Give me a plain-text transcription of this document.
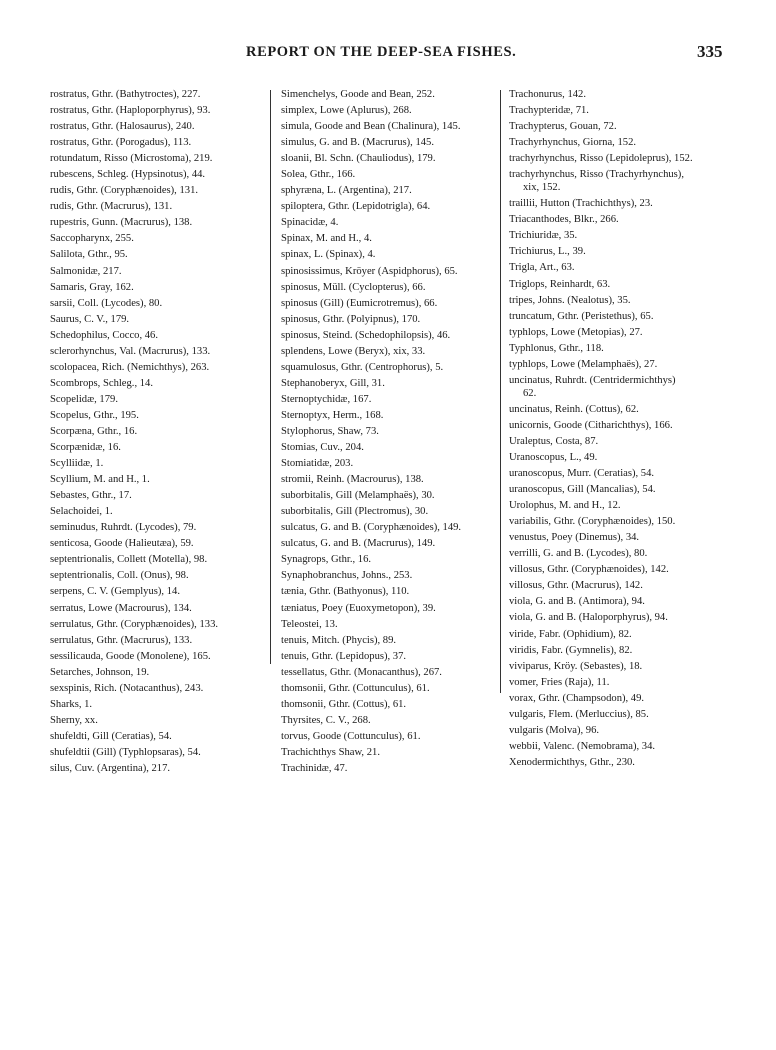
REPORT ON THE DEEP-SEA FISHES.	335
rostratus, Gthr. (Bathytroctes), 227.
rostratus, Gthr. (Haploporphyrus), 93.
rostratus, Gthr. (Halosaurus), 240.
rostratus, Gthr. (Porogadus), 113.
rotundatum, Risso (Microstoma), 219.
rubescens, Schleg. (Hypsinotus), 44.
rudis, Gthr. (Coryphænoides), 131.
rudis, Gthr. (Macrurus), 131.
rupestris, Gunn. (Macrurus), 138.
Saccopharynx, 255.
Salilota, Gthr., 95.
Salmonidæ, 217.
Samaris, Gray, 162.
sarsii, Coll. (Lycodes), 80.
Saurus, C. V., 179.
Schedophilus, Cocco, 46.
sclerorhynchus, Val. (Macrurus), 133.
scolopacea, Rich. (Nemichthys), 263.
Scombrops, Schleg., 14.
Scopelidæ, 179.
Scopelus, Gthr., 195.
Scorpæna, Gthr., 16.
Scorpænidæ, 16.
Scylliidæ, 1.
Scyllium, M. and H., 1.
Sebastes, Gthr., 17.
Selachoidei, 1.
seminudus, Ruhrdt. (Lycodes), 79.
senticosa, Goode (Halieutæa), 59.
septentrionalis, Collett (Motella), 98.
septentrionalis, Coll. (Onus), 98.
serpens, C. V. (Gemplyus), 14.
serratus, Lowe (Macrourus), 134.
serrulatus, Gthr. (Coryphænoides), 133.
serrulatus, Gthr. (Macrurus), 133.
sessilicauda, Goode (Monolene), 165.
Setarches, Johnson, 19.
sexspinis, Rich. (Notacanthus), 243.
Sharks, 1.
Sherny, xx.
shufeldti, Gill (Ceratias), 54.
shufeldtii (Gill) (Typhlopsaras), 54.
silus, Cuv. (Argentina), 217.
Simenchelys, Goode and Bean, 252.
simplex, Lowe (Aplurus), 268.
simula, Goode and Bean (Chalinura), 145.
simulus, G. and B. (Macrurus), 145.
sloanii, Bl. Schn. (Chauliodus), 179.
Solea, Gthr., 166.
sphyræna, L. (Argentina), 217.
spiloptera, Gthr. (Lepidotrigla), 64.
Spinacidæ, 4.
Spinax, M. and H., 4.
spinax, L. (Spinax), 4.
spinosissimus, Kröyer (Aspidphorus), 65.
spinosus, Müll. (Cyclopterus), 66.
spinosus (Gill) (Eumicrotremus), 66.
spinosus, Gthr. (Polyipnus), 170.
spinosus, Steind. (Schedophilopsis), 46.
splendens, Lowe (Beryx), xix, 33.
squamulosus, Gthr. (Centrophorus), 5.
Stephanoberyx, Gill, 31.
Sternoptychidæ, 167.
Sternoptyx, Herm., 168.
Stylophorus, Shaw, 73.
Stomias, Cuv., 204.
Stomiatidæ, 203.
stromii, Reinh. (Macrourus), 138.
suborbitalis, Gill (Melamphaës), 30.
suborbitalis, Gill (Plectromus), 30.
sulcatus, G. and B. (Coryphænoides), 149.
sulcatus, G. and B. (Macrurus), 149.
Synagrops, Gthr., 16.
Synaphobranchus, Johns., 253.
tænia, Gthr. (Bathyonus), 110.
tæniatus, Poey (Euoxymetopon), 39.
Teleostei, 13.
tenuis, Mitch. (Phycis), 89.
tenuis, Gthr. (Lepidopus), 37.
tessellatus, Gthr. (Monacanthus), 267.
thomsonii, Gthr. (Cottunculus), 61.
thomsonii, Gthr. (Cottus), 61.
Thyrsites, C. V., 268.
torvus, Goode (Cottunculus), 61.
Trachichthys Shaw, 21.
Trachinidæ, 47.
Trachonurus, 142.
Trachypteridæ, 71.
Trachypterus, Gouan, 72.
Trachyrhynchus, Giorna, 152.
trachyrhynchus, Risso (Lepidoleprus), 152.
trachyrhynchus, Risso (Trachyrhynchus),
xix, 152.
traillii, Hutton (Trachichthys), 23.
Triacanthodes, Blkr., 266.
Trichiuridæ, 35.
Trichiurus, L., 39.
Trigla, Art., 63.
Triglops, Reinhardt, 63.
tripes, Johns. (Nealotus), 35.
truncatum, Gthr. (Peristethus), 65.
typhlops, Lowe (Metopias), 27.
Typhlonus, Gthr., 118.
typhlops, Lowe (Melamphaës), 27.
uncinatus, Ruhrdt. (Centridermichthys)
62.
uncinatus, Reinh. (Cottus), 62.
unicornis, Goode (Citharichthys), 166.
Uraleptus, Costa, 87.
Uranoscopus, L., 49.
uranoscopus, Murr. (Ceratias), 54.
uranoscopus, Gill (Mancalias), 54.
Urolophus, M. and H., 12.
variabilis, Gthr. (Coryphænoides), 150.
venustus, Poey (Dinemus), 34.
verrilli, G. and B. (Lycodes), 80.
villosus, Gthr. (Coryphænoides), 142.
villosus, Gthr. (Macrurus), 142.
viola, G. and B. (Antimora), 94.
viola, G. and B. (Haloporphyrus), 94.
viride, Fabr. (Ophidium), 82.
viridis, Fabr. (Gymnelis), 82.
viviparus, Kröy. (Sebastes), 18.
vomer, Fries (Raja), 11.
vorax, Gthr. (Champsodon), 49.
vulgaris, Flem. (Merluccius), 85.
vulgaris (Molva), 96.
webbii, Valenc. (Nemobrama), 34.
Xenodermichthys, Gthr., 230.
